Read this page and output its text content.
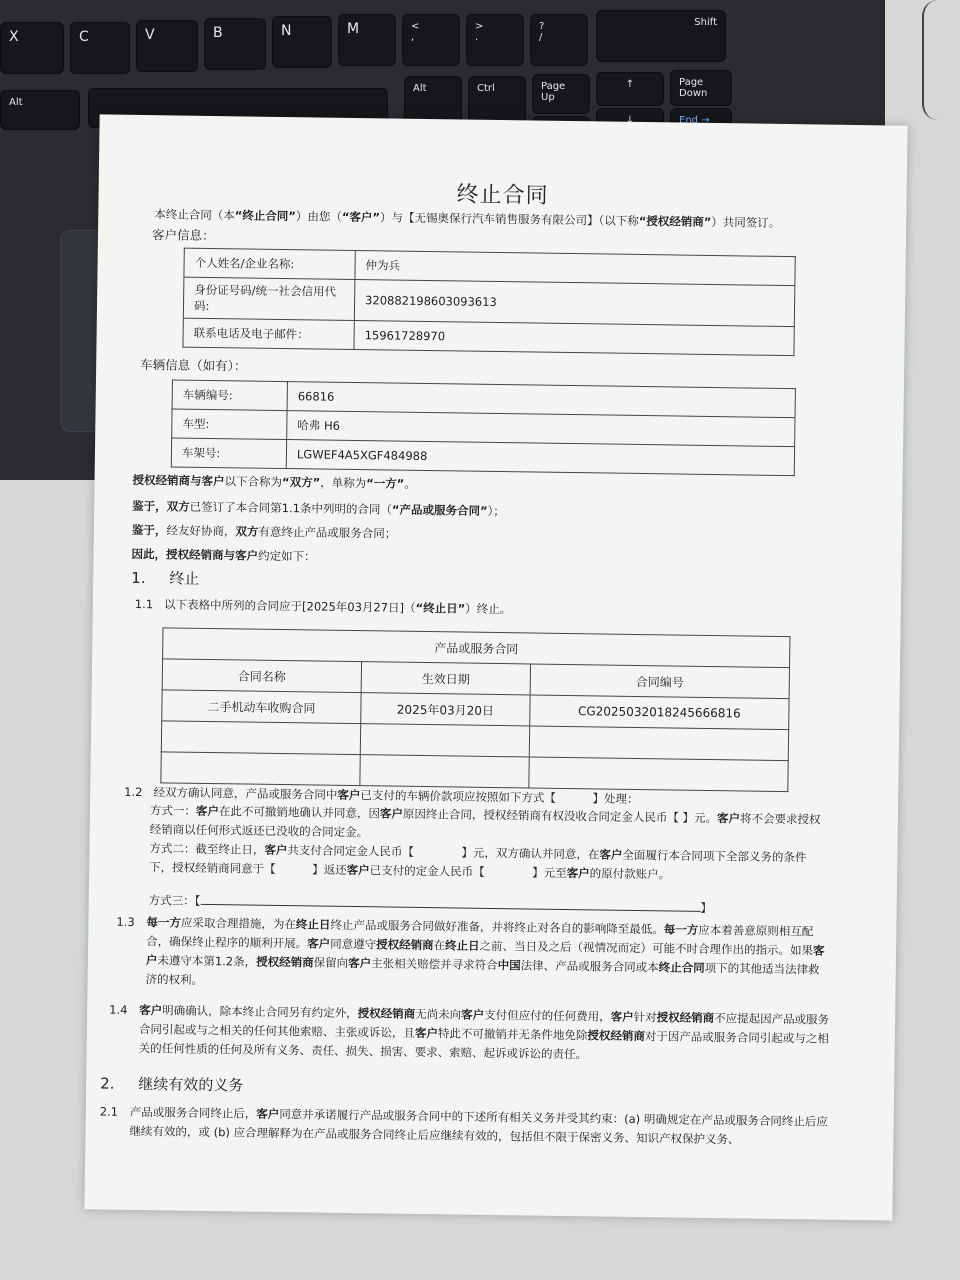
X	C	V	B	N	M	<
,
>
.
?
/
Shift
Alt
Alt	Ctrl	Page Up
↑	Page Down
↓	End →
终止合同
本终止合同（本“终止合同”）由您（“客户”）与【无锡奥保行汽车销售服务有限公司】（以下称“授权经销商”）共同签订。
客户信息：
个人姓名/企业名称:	仲为兵
身份证号码/统一社会信用代码:	320882198603093613
联系电话及电子邮件：	15961728970
车辆信息（如有）：
车辆编号:	66816
车型:	哈弗 H6
车架号:	LGWEF4A5XGF484988
授权经销商与客户以下合称为“双方”，单称为“一方”。
鉴于，双方已签订了本合同第1.1条中列明的合同（“产品或服务合同”）；
鉴于，经友好协商，双方有意终止产品或服务合同；
因此，授权经销商与客户约定如下：
1. 终止
1.1 以下表格中所列的合同应于[2025年03月27日]（“终止日”）终止。
产品或服务合同		
合同名称	生效日期	合同编号
二手机动车收购合同	2025年03月20日	CG2025032018245666816

1.2 经双方确认同意，产品或服务合同中客户已支付的车辆价款项应按照如下方式【	】处理：
方式一：客户在此不可撤销地确认并同意，因客户原因终止合同，授权经销商有权没收合同定金人民币【 】元。客户将不会要求授权经销商以任何形式返还已没收的合同定金。
方式二：截至终止日，客户共支付合同定金人民币【	】元，双方确认并同意，在客户全面履行本合同项下全部义务的条件下，授权经销商同意于【	】返还客户已支付的定金人民币【	】元至客户的原付款账户。
方式三：【】
1.3 每一方应采取合理措施，为在终止日终止产品或服务合同做好准备，并将终止对各自的影响降至最低。每一方应本着善意原则相互配合，确保终止程序的顺利开展。客户同意遵守授权经销商在终止日之前、当日及之后（视情况而定）可能不时合理作出的指示。如果客户未遵守本第1.2条，授权经销商保留向客户主张相关赔偿并寻求符合中国法律、产品或服务合同或本终止合同项下的其他适当法律救济的权利。
1.4 客户明确确认，除本终止合同另有约定外，授权经销商无尚未向客户支付但应付的任何费用，客户针对授权经销商不应提起因产品或服务合同引起或与之相关的任何其他索赔、主张或诉讼，且客户特此不可撤销并无条件地免除授权经销商对于因产品或服务合同引起或与之相关的任何性质的任何及所有义务、责任、损失、损害、要求、索赔、起诉或诉讼的责任。
2. 继续有效的义务
2.1 产品或服务合同终止后，客户同意并承诺履行产品或服务合同中的下述所有相关义务并受其约束：(a) 明确规定在产品或服务合同终止后应继续有效的，或 (b) 应合理解释为在产品或服务合同终止后应继续有效的，包括但不限于保密义务、知识产权保护义务、
